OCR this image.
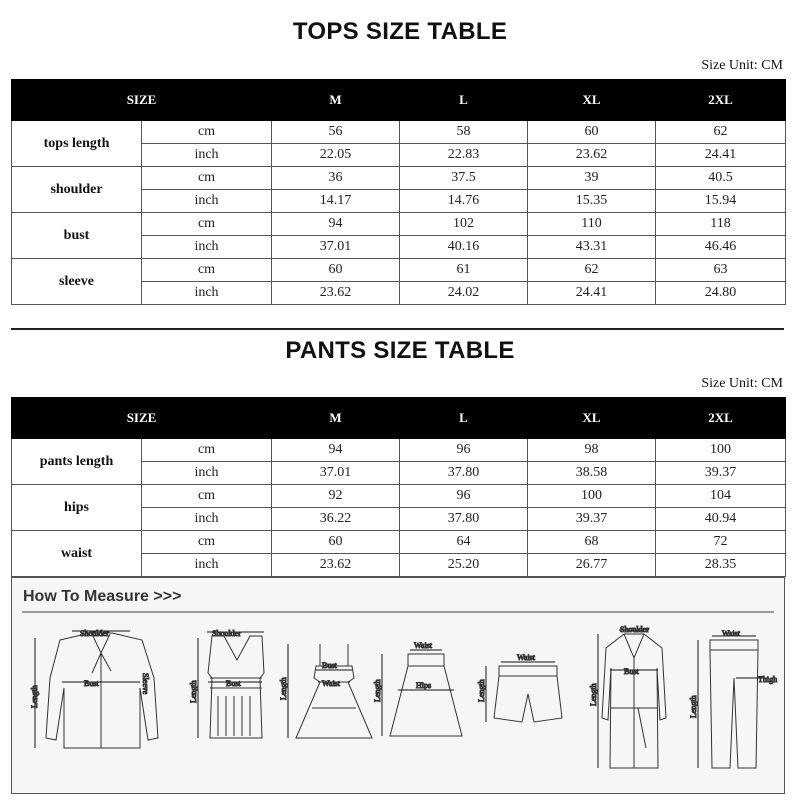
TOPS SIZE TABLE
Size Unit: CM
SIZE		M	L	XL	2XL
tops length	cm	56	58	60	62
	inch	22.05	22.83	23.62	24.41
shoulder	cm	36	37.5	39	40.5
	inch	14.17	14.76	15.35	15.94
bust	cm	94	102	110	118
	inch	37.01	40.16	43.31	46.46
sleeve	cm	60	61	62	63
	inch	23.62	24.02	24.41	24.80
PANTS SIZE TABLE
Size Unit: CM
SIZE		M	L	XL	2XL
pants length	cm	94	96	98	100
	inch	37.01	37.80	38.58	39.37
hips	cm	92	96	100	104
	inch	36.22	37.80	39.37	40.94
waist	cm	60	64	68	72
	inch	23.62	25.20	26.77	28.35
How To Measure >>>
Shoulder
Bust
Length
Sleeve
Shoulder
Bust
Length
Bust
Waist
Length
Waist
Hips
Length
Waist
Length
Shoulder
Bust
Length
Waist
Thigh
Length
